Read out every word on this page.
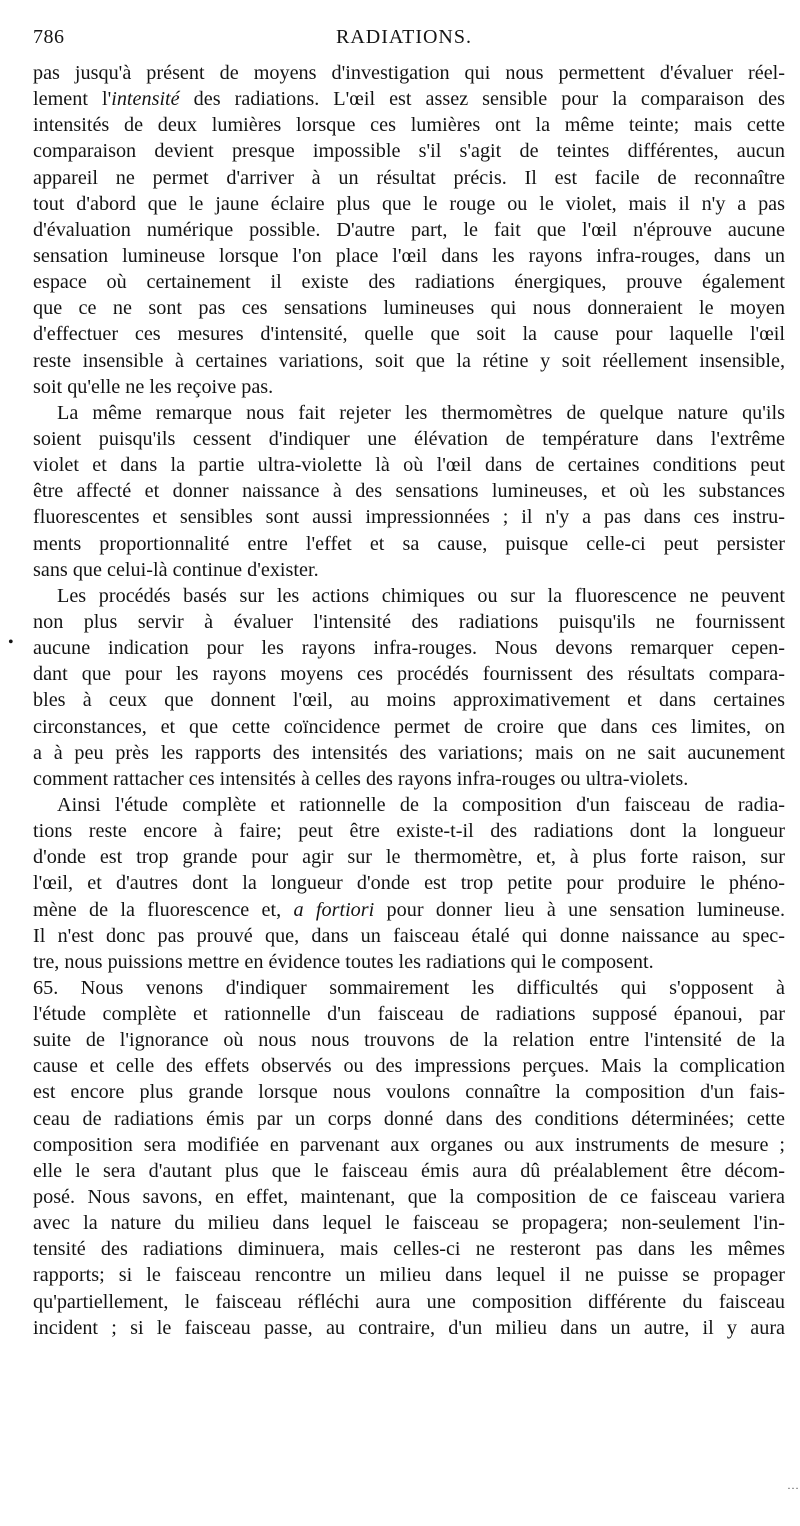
RADIATIONS.
786
•
…
pas jusqu'à présent de moyens d'investigation qui nous permettent d'évaluer réel-
lement l'intensité des radiations. L'œil est assez sensible pour la comparaison des
intensités de deux lumières lorsque ces lumières ont la même teinte; mais cette
comparaison devient presque impossible s'il s'agit de teintes différentes, aucun
appareil ne permet d'arriver à un résultat précis. Il est facile de reconnaître
tout d'abord que le jaune éclaire plus que le rouge ou le violet, mais il n'y a pas
d'évaluation numérique possible. D'autre part, le fait que l'œil n'éprouve aucune
sensation lumineuse lorsque l'on place l'œil dans les rayons infra-rouges, dans un
espace où certainement il existe des radiations énergiques, prouve également
que ce ne sont pas ces sensations lumineuses qui nous donneraient le moyen
d'effectuer ces mesures d'intensité, quelle que soit la cause pour laquelle l'œil
reste insensible à certaines variations, soit que la rétine y soit réellement insensible,
soit qu'elle ne les reçoive pas.
La même remarque nous fait rejeter les thermomètres de quelque nature qu'ils
soient puisqu'ils cessent d'indiquer une élévation de température dans l'extrême
violet et dans la partie ultra-violette là où l'œil dans de certaines conditions peut
être affecté et donner naissance à des sensations lumineuses, et où les substances
fluorescentes et sensibles sont aussi impressionnées ; il n'y a pas dans ces instru-
ments proportionnalité entre l'effet et sa cause, puisque celle-ci peut persister
sans que celui-là continue d'exister.
Les procédés basés sur les actions chimiques ou sur la fluorescence ne peuvent
non plus servir à évaluer l'intensité des radiations puisqu'ils ne fournissent
aucune indication pour les rayons infra-rouges. Nous devons remarquer cepen-
dant que pour les rayons moyens ces procédés fournissent des résultats compara-
bles à ceux que donnent l'œil, au moins approximativement et dans certaines
circonstances, et que cette coïncidence permet de croire que dans ces limites, on
a à peu près les rapports des intensités des variations; mais on ne sait aucunement
comment rattacher ces intensités à celles des rayons infra-rouges ou ultra-violets.
Ainsi l'étude complète et rationnelle de la composition d'un faisceau de radia-
tions reste encore à faire; peut être existe-t-il des radiations dont la longueur
d'onde est trop grande pour agir sur le thermomètre, et, à plus forte raison, sur
l'œil, et d'autres dont la longueur d'onde est trop petite pour produire le phéno-
mène de la fluorescence et, a fortiori pour donner lieu à une sensation lumineuse.
Il n'est donc pas prouvé que, dans un faisceau étalé qui donne naissance au spec-
tre, nous puissions mettre en évidence toutes les radiations qui le composent.
65. Nous venons d'indiquer sommairement les difficultés qui s'opposent à
l'étude complète et rationnelle d'un faisceau de radiations supposé épanoui, par
suite de l'ignorance où nous nous trouvons de la relation entre l'intensité de la
cause et celle des effets observés ou des impressions perçues. Mais la complication
est encore plus grande lorsque nous voulons connaître la composition d'un fais-
ceau de radiations émis par un corps donné dans des conditions déterminées; cette
composition sera modifiée en parvenant aux organes ou aux instruments de mesure ;
elle le sera d'autant plus que le faisceau émis aura dû préalablement être décom-
posé. Nous savons, en effet, maintenant, que la composition de ce faisceau variera
avec la nature du milieu dans lequel le faisceau se propagera; non-seulement l'in-
tensité des radiations diminuera, mais celles-ci ne resteront pas dans les mêmes
rapports; si le faisceau rencontre un milieu dans lequel il ne puisse se propager
qu'partiellement, le faisceau réfléchi aura une composition différente du faisceau
incident ; si le faisceau passe, au contraire, d'un milieu dans un autre, il y aura
